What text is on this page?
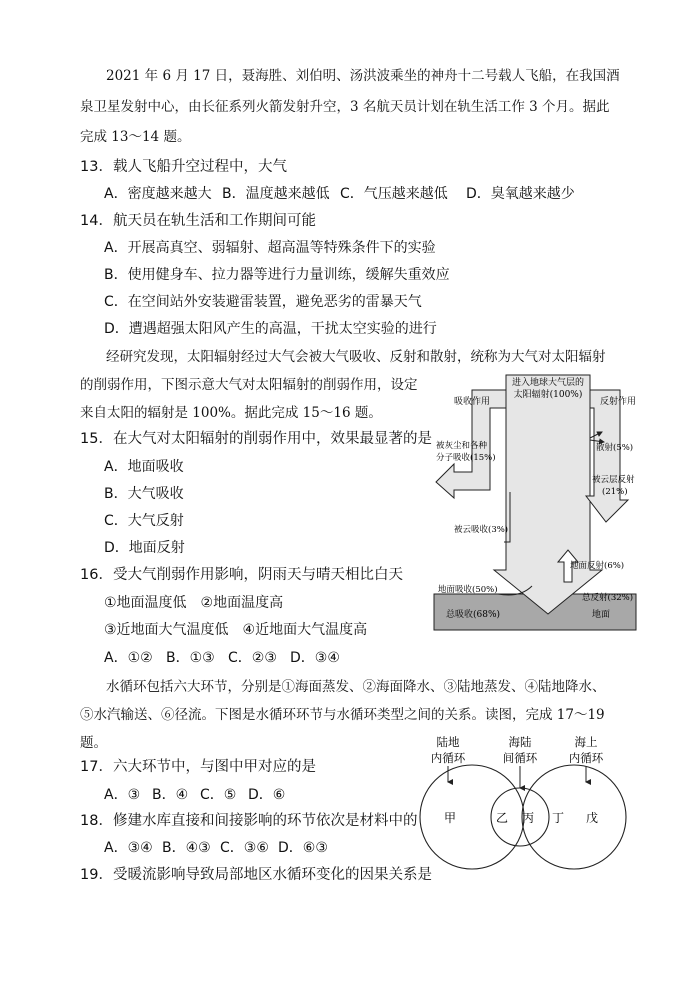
2021 年 6 月 17 日，聂海胜、刘伯明、汤洪波乘坐的神舟十二号载人飞船，在我国酒
泉卫星发射中心，由长征系列火箭发射升空，3 名航天员计划在轨生活工作 3 个月。据此
完成 13～14 题。
13．载人飞船升空过程中，大气
A．密度越来越大 B．温度越来越低 C．气压越来越低 D．臭氧越来越少
14．航天员在轨生活和工作期间可能
A．开展高真空、弱辐射、超高温等特殊条件下的实验
B．使用健身车、拉力器等进行力量训练，缓解失重效应
C．在空间站外安装避雷装置，避免恶劣的雷暴天气
D．遭遇超强太阳风产生的高温，干扰太空实验的进行
经研究发现，太阳辐射经过大气会被大气吸收、反射和散射，统称为大气对太阳辐射
的削弱作用，下图示意大气对太阳辐射的削弱作用，设定
来自太阳的辐射是 100%。据此完成 15～16 题。
15．在大气对太阳辐射的削弱作用中，效果最显著的是
A．地面吸收
B．大气吸收
C．大气反射
D．地面反射
16．受大气削弱作用影响，阴雨天与晴天相比白天
①地面温度低　②地面温度高
③近地面大气温度低　④近地面大气温度高
A．①② B．①③ C．②③ D．③④
水循环包括六大环节，分别是①海面蒸发、②海面降水、③陆地蒸发、④陆地降水、
⑤水汽输送、⑥径流。下图是水循环环节与水循环类型之间的关系。读图，完成 17～19
题。
17．六大环节中，与图中甲对应的是
A．③ B．④ C．⑤ D．⑥
18．修建水库直接和间接影响的环节依次是材料中的
A．③④ B．④③ C．③⑥ D．⑥③
19．受暖流影响导致局部地区水循环变化的因果关系是
进入地球大气层的
太阳辐射(100%)
吸收作用	反射作用
被灰尘和各种
分子吸收(15%)
散射(5%)
被云层反射
(21%)
被云吸收(3%)
地面反射(6%)
总反射(32%)
地面吸收(50%)
总吸收(68%)	地面
陆地
内循环
海陆
间循环
海上
内循环
甲	乙 丙 丁 戊
